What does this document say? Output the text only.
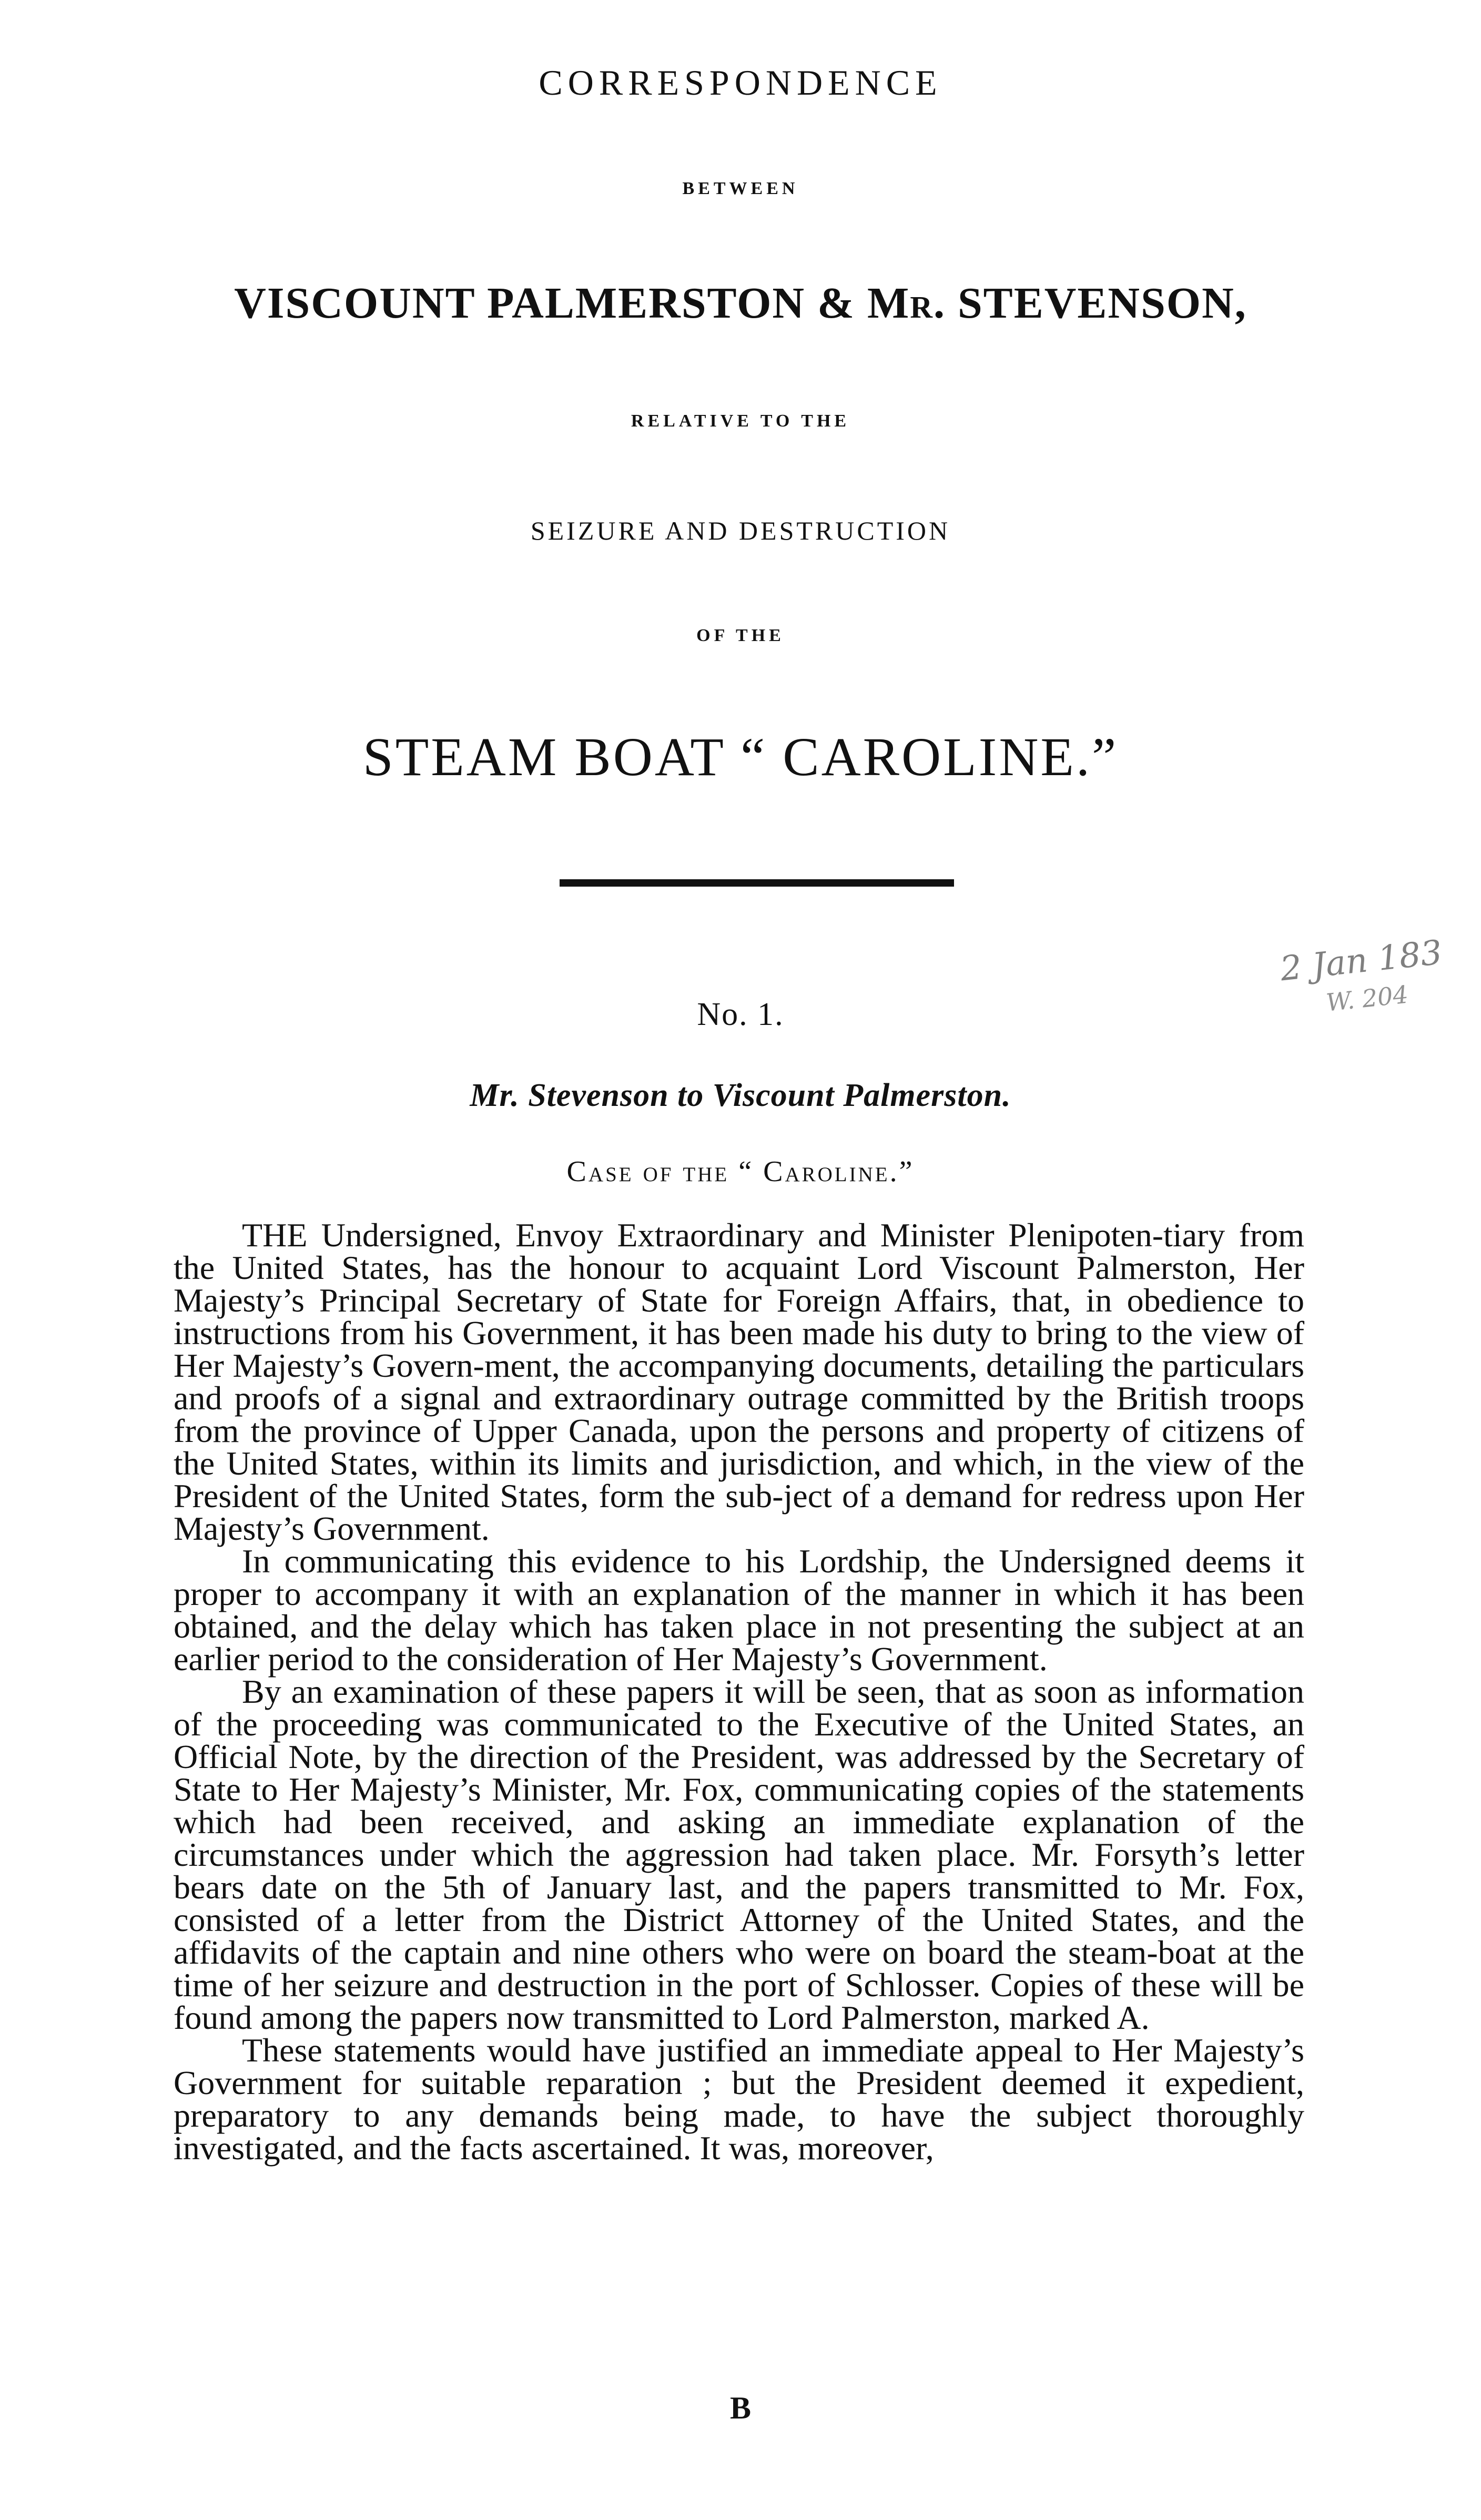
CORRESPONDENCE
BETWEEN
VISCOUNT PALMERSTON & Mr. STEVENSON,
RELATIVE TO THE
SEIZURE AND DESTRUCTION
OF THE
STEAM BOAT “ CAROLINE.”
2 Jan 183
W. 204
No. 1.
Mr. Stevenson to Viscount Palmerston.
Case of the “ Caroline.”

THE Undersigned, Envoy Extraordinary and Minister Plenipoten-tiary from the United States, has the honour to acquaint Lord Viscount Palmerston, Her Majesty’s Principal Secretary of State for Foreign Affairs, that, in obedience to instructions from his Government, it has been made his duty to bring to the view of Her Majesty’s Govern-ment, the accompanying documents, detailing the particulars and proofs of a signal and extraordinary outrage committed by the British troops from the province of Upper Canada, upon the persons and property of citizens of the United States, within its limits and jurisdiction, and which, in the view of the President of the United States, form the sub-ject of a demand for redress upon Her Majesty’s Government.

In communicating this evidence to his Lordship, the Undersigned deems it proper to accompany it with an explanation of the manner in which it has been obtained, and the delay which has taken place in not presenting the subject at an earlier period to the consideration of Her Majesty’s Government.

By an examination of these papers it will be seen, that as soon as information of the proceeding was communicated to the Executive of the United States, an Official Note, by the direction of the President, was addressed by the Secretary of State to Her Majesty’s Minister, Mr. Fox, communicating copies of the statements which had been received, and asking an immediate explanation of the circumstances under which the aggression had taken place. Mr. Forsyth’s letter bears date on the 5th of January last, and the papers transmitted to Mr. Fox, consisted of a letter from the District Attorney of the United States, and the affidavits of the captain and nine others who were on board the steam-boat at the time of her seizure and destruction in the port of Schlosser. Copies of these will be found among the papers now transmitted to Lord Palmerston, marked A.

These statements would have justified an immediate appeal to Her Majesty’s Government for suitable reparation ; but the President deemed it expedient, preparatory to any demands being made, to have the subject thoroughly investigated, and the facts ascertained. It was, moreover,

B
